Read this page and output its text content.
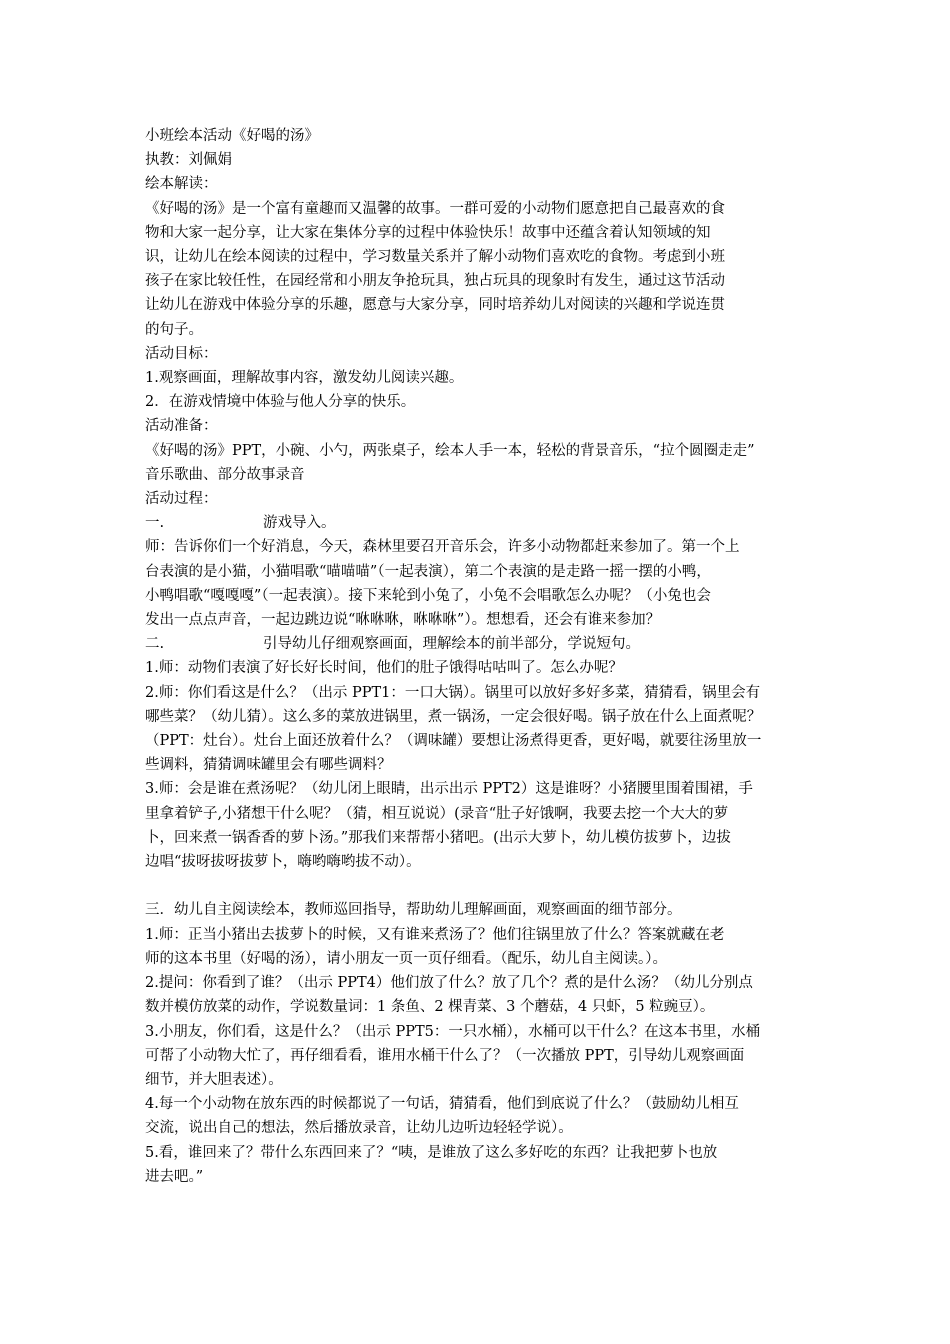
小班绘本活动《好喝的汤》
执教：刘佩娟
绘本解读：
《好喝的汤》是一个富有童趣而又温馨的故事。一群可爱的小动物们愿意把自己最喜欢的食
物和大家一起分享，让大家在集体分享的过程中体验快乐！故事中还蕴含着认知领域的知
识，让幼儿在绘本阅读的过程中，学习数量关系并了解小动物们喜欢吃的食物。考虑到小班
孩子在家比较任性，在园经常和小朋友争抢玩具，独占玩具的现象时有发生，通过这节活动
让幼儿在游戏中体验分享的乐趣，愿意与大家分享，同时培养幼儿对阅读的兴趣和学说连贯
的句子。
活动目标：
1.观察画面，理解故事内容，激发幼儿阅读兴趣。
2．在游戏情境中体验与他人分享的快乐。
活动准备：
《好喝的汤》PPT，小碗、小勺，两张桌子，绘本人手一本，轻松的背景音乐，“拉个圆圈走走”
音乐歌曲、部分故事录音
活动过程：
一.	游戏导入。
师：告诉你们一个好消息，今天，森林里要召开音乐会，许多小动物都赶来参加了。第一个上
台表演的是小猫，小猫唱歌“喵喵喵”（一起表演），第二个表演的是走路一摇一摆的小鸭，
小鸭唱歌“嘎嘎嘎”（一起表演）。接下来轮到小兔了，小兔不会唱歌怎么办呢？（小兔也会
发出一点点声音，一起边跳边说“咻咻咻，咻咻咻”）。想想看，还会有谁来参加？
二.	引导幼儿仔细观察画面，理解绘本的前半部分，学说短句。
1.师：动物们表演了好长好长时间，他们的肚子饿得咕咕叫了。怎么办呢？
2.师：你们看这是什么？（出示 PPT1：一口大锅）。锅里可以放好多好多菜，猜猜看，锅里会有
哪些菜？（幼儿猜）。这么多的菜放进锅里，煮一锅汤，一定会很好喝。锅子放在什么上面煮呢？
（PPT：灶台）。灶台上面还放着什么？（调味罐）要想让汤煮得更香，更好喝，就要往汤里放一
些调料，猜猜调味罐里会有哪些调料？
3.师：会是谁在煮汤呢？（幼儿闭上眼睛，出示出示 PPT2）这是谁呀？小猪腰里围着围裙，手
里拿着铲子,小猪想干什么呢？（猜，相互说说）(录音“肚子好饿啊，我要去挖一个大大的萝
卜，回来煮一锅香香的萝卜汤。”那我们来帮帮小猪吧。(出示大萝卜，幼儿模仿拔萝卜，边拔
边唱“拔呀拔呀拔萝卜，嗨哟嗨哟拔不动）。
三．幼儿自主阅读绘本，教师巡回指导，帮助幼儿理解画面，观察画面的细节部分。
1.师：正当小猪出去拔萝卜的时候，又有谁来煮汤了？他们往锅里放了什么？答案就藏在老
师的这本书里（好喝的汤），请小朋友一页一页仔细看。（配乐，幼儿自主阅读。）。
2.提问：你看到了谁？（出示 PPT4）他们放了什么？放了几个？煮的是什么汤？（幼儿分别点
数并模仿放菜的动作，学说数量词：1 条鱼、2 棵青菜、3 个蘑菇，4 只虾，5 粒豌豆）。
3.小朋友，你们看，这是什么？（出示 PPT5：一只水桶），水桶可以干什么？在这本书里，水桶
可帮了小动物大忙了，再仔细看看，谁用水桶干什么了？（一次播放 PPT，引导幼儿观察画面
细节，并大胆表述）。
4.每一个小动物在放东西的时候都说了一句话，猜猜看，他们到底说了什么？（鼓励幼儿相互
交流，说出自己的想法，然后播放录音，让幼儿边听边轻轻学说）。
5.看，谁回来了？带什么东西回来了？“咦，是谁放了这么多好吃的东西？让我把萝卜也放
进去吧。”
